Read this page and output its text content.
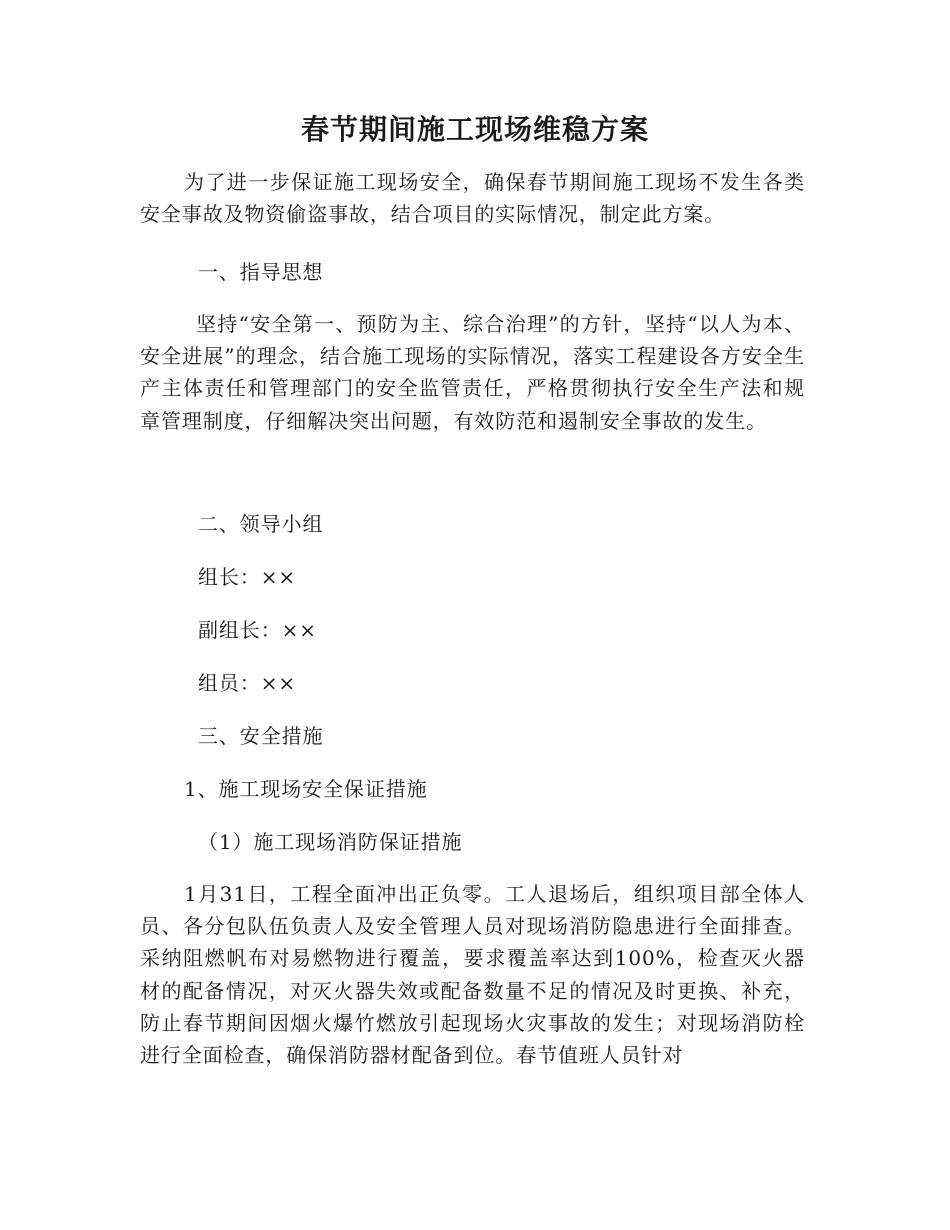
春节期间施工现场维稳方案

为了进一步保证施工现场安全，确保春节期间施工现场不发生各类安全事故及物资偷盗事故，结合项目的实际情况，制定此方案。

一、指导思想

坚持“安全第一、预防为主、综合治理”的方针，坚持“以人为本、安全进展”的理念，结合施工现场的实际情况，落实工程建设各方安全生产主体责任和管理部门的安全监管责任，严格贯彻执行安全生产法和规章管理制度，仔细解决突出问题，有效防范和遏制安全事故的发生。

二、领导小组
组长：××
副组长：××
组员：××
三、安全措施
1、施工现场安全保证措施
（1）施工现场消防保证措施

1月31日，工程全面冲出正负零。工人退场后，组织项目部全体人员、各分包队伍负责人及安全管理人员对现场消防隐患进行全面排查。采纳阻燃帆布对易燃物进行覆盖，要求覆盖率达到100%，检查灭火器材的配备情况，对灭火器失效或配备数量不足的情况及时更换、补充，防止春节期间因烟火爆竹燃放引起现场火灾事故的发生；对现场消防栓进行全面检查，确保消防器材配备到位。春节值班人员针对
